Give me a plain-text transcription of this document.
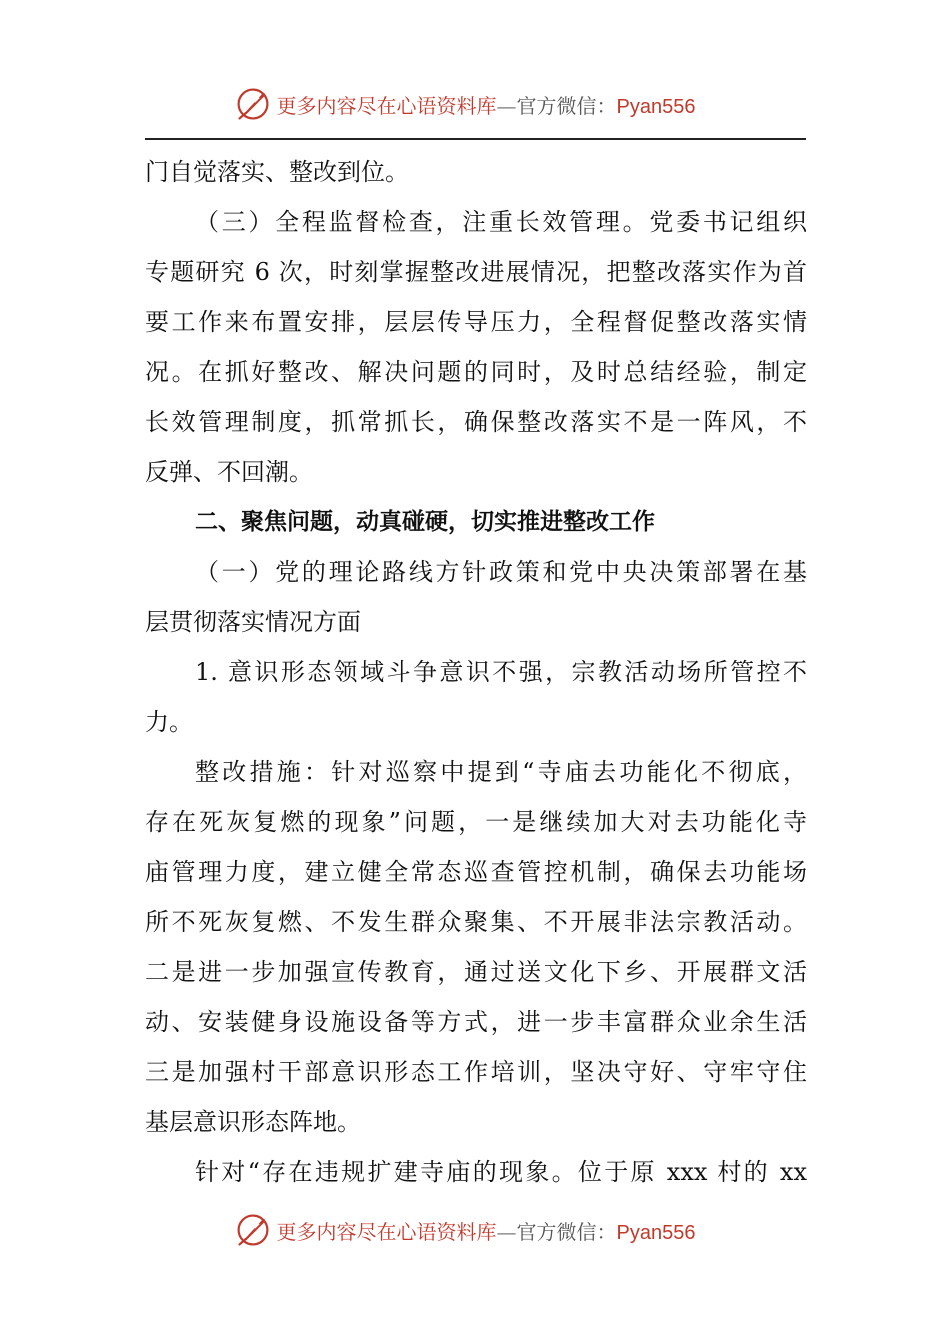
更多内容尽在心语资料库—官方微信：Pyan556
门自觉落实、整改到位。
（三）全程监督检查，注重长效管理。党委书记组织
专题研究 6 次，时刻掌握整改进展情况，把整改落实作为首
要工作来布置安排，层层传导压力，全程督促整改落实情
况。在抓好整改、解决问题的同时，及时总结经验，制定
长效管理制度，抓常抓长，确保整改落实不是一阵风，不
反弹、不回潮。
二、聚焦问题，动真碰硬，切实推进整改工作
（一）党的理论路线方针政策和党中央决策部署在基
层贯彻落实情况方面
1. 意识形态领域斗争意识不强，宗教活动场所管控不
力。
整改措施：针对巡察中提到“寺庙去功能化不彻底，
存在死灰复燃的现象”问题，一是继续加大对去功能化寺
庙管理力度，建立健全常态巡查管控机制，确保去功能场
所不死灰复燃、不发生群众聚集、不开展非法宗教活动。
二是进一步加强宣传教育，通过送文化下乡、开展群文活
动、安装健身设施设备等方式，进一步丰富群众业余生活
三是加强村干部意识形态工作培训，坚决守好、守牢守住
基层意识形态阵地。
针对“存在违规扩建寺庙的现象。位于原 xxx 村的 xx
更多内容尽在心语资料库—官方微信：Pyan556
